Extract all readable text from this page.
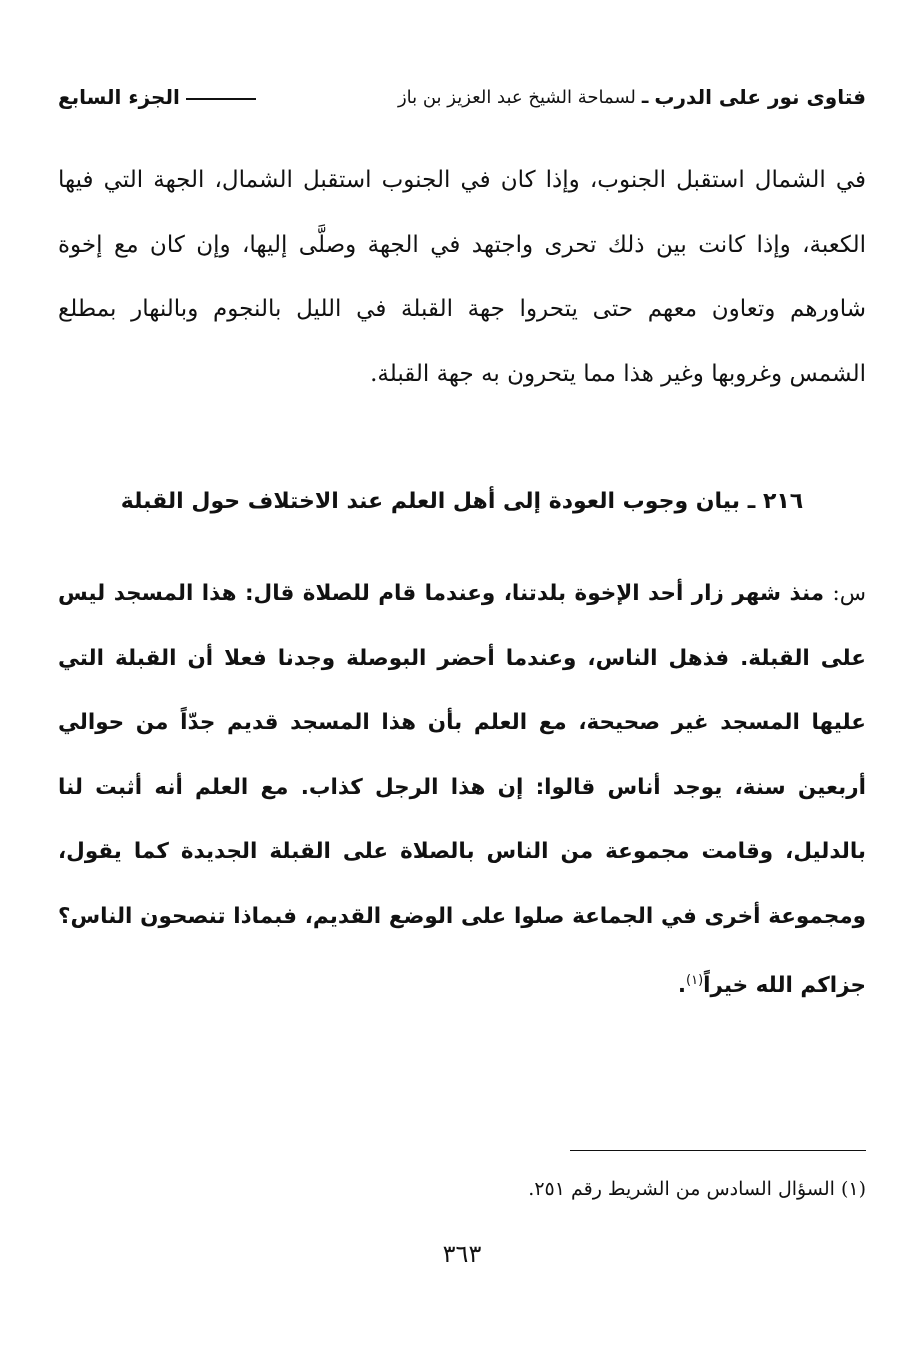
فتاوى نور على الدرب
ـ
لسماحة الشيخ عبد العزيز بن باز
الجزء السابع
في الشمال استقبل الجنوب، وإذا كان في الجنوب استقبل الشمال، الجهة التي فيها الكعبة، وإذا كانت بين ذلك تحرى واجتهد في الجهة وصلَّى إليها، وإن كان مع إخوة شاورهم وتعاون معهم حتى يتحروا جهة القبلة في الليل بالنجوم وبالنهار بمطلع الشمس وغروبها وغير هذا مما يتحرون به جهة القبلة.
٢١٦ ـ بيان وجوب العودة إلى أهل العلم عند الاختلاف حول القبلة
س: منذ شهر زار أحد الإخوة بلدتنا، وعندما قام للصلاة قال: هذا المسجد ليس على القبلة. فذهل الناس، وعندما أحضر البوصلة وجدنا فعلا أن القبلة التي عليها المسجد غير صحيحة، مع العلم بأن هذا المسجد قديم جدّاً من حوالي أربعين سنة، يوجد أناس قالوا: إن هذا الرجل كذاب. مع العلم أنه أثبت لنا بالدليل، وقامت مجموعة من الناس بالصلاة على القبلة الجديدة كما يقول، ومجموعة أخرى في الجماعة صلوا على الوضع القديم، فبماذا تنصحون الناس؟ جزاكم الله خيراً$^{(١)}$.
(١) السؤال السادس من الشريط رقم ٢٥١.
٣٦٣
